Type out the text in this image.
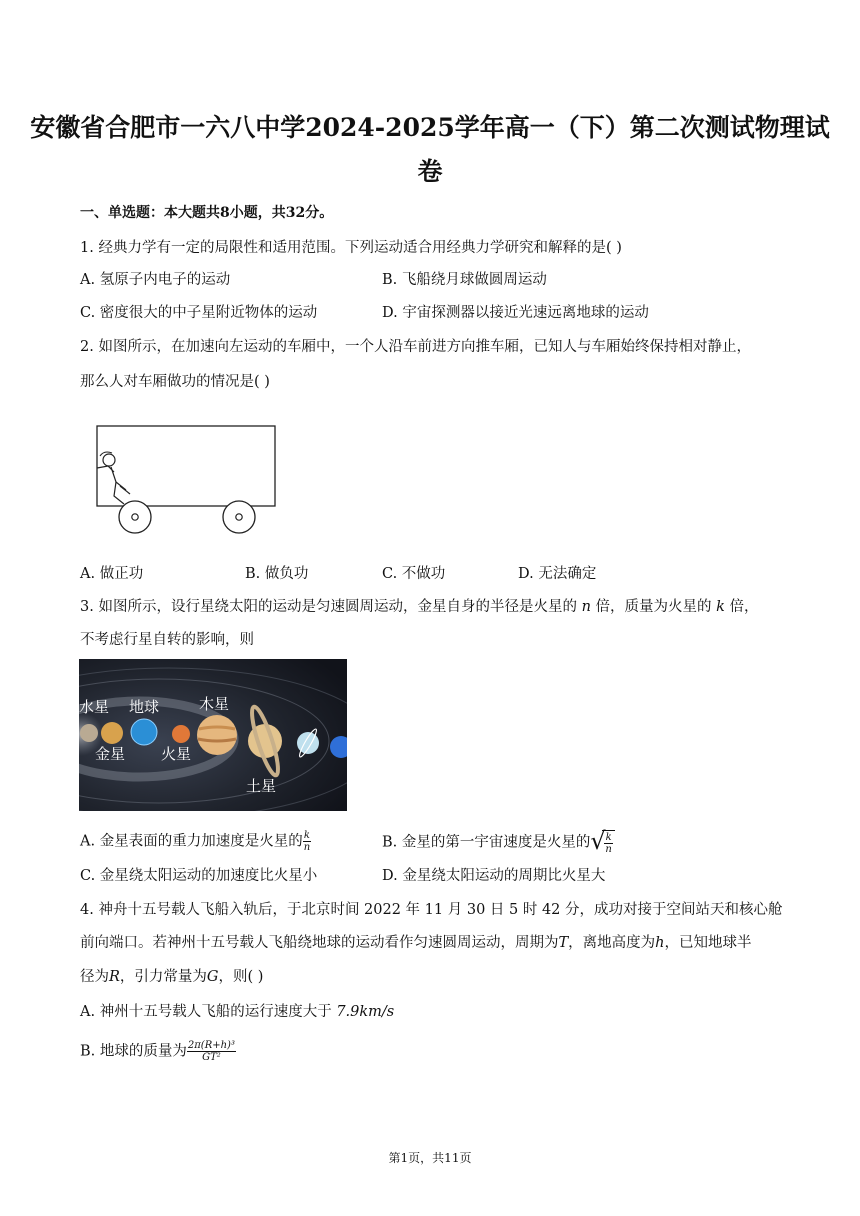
安徽省合肥市一六八中学2024-2025学年高一（下）第二次测试物理试
卷
一、单选题：本大题共8小题，共32分。
1. 经典力学有一定的局限性和适用范围。下列运动适合用经典力学研究和解释的是( )
A. 氢原子内电子的运动	B. 飞船绕月球做圆周运动
C. 密度很大的中子星附近物体的运动	D. 宇宙探测器以接近光速远离地球的运动
2. 如图所示，在加速向左运动的车厢中，一个人沿车前进方向推车厢，已知人与车厢始终保持相对静止，
那么人对车厢做功的情况是( )
A. 做正功	B. 做负功	C. 不做功	D. 无法确定
3. 如图所示，设行星绕太阳的运动是匀速圆周运动，金星自身的半径是火星的 n 倍，质量为火星的 k 倍，
不考虑行星自转的影响，则
水星 地球	木星
金星 火星
土星
A. 金星表面的重力加速度是火星的 $\frac{k}{n}$	B. 金星的第一宇宙速度是火星的 √
$\frac{k}{n}$
C. 金星绕太阳运动的加速度比火星小	D. 金星绕太阳运动的周期比火星大
4. 神舟十五号载人飞船入轨后，于北京时间 2022 年 11 月 30 日 5 时 42 分，成功对接于空间站天和核心舱
前向端口。若神州十五号载人飞船绕地球的运动看作匀速圆周运动，周期为T，离地高度为h，已知地球半
径为R，引力常量为G，则( )
A. 神州十五号载人飞船的运行速度大于 7.9km/s
B. 地球的质量为 $\frac{\text{2π(R+h)³}}{\text{GT²}}$
第1页，共11页
